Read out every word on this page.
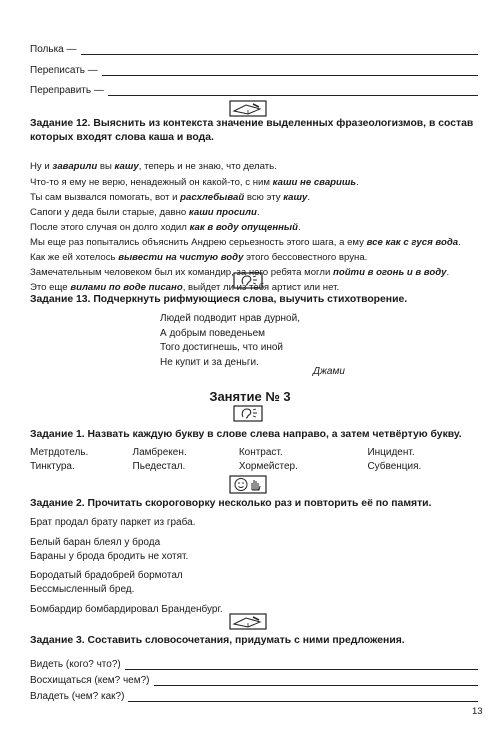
Полька —
Переписать —
Переправить —
Задание 12. Выяснить из контекста значение выделенных фразеологизмов, в состав которых входят слова каша и вода.
Ну и заварили вы кашу, теперь и не знаю, что делать.
Что-то я ему не верю, ненадежный он какой-то, с ним каши не сваришь.
Ты сам вызвался помогать, вот и расхлебывай всю эту кашу.
Сапоги у деда были старые, давно каши просили.
После этого случая он долго ходил как в воду опущенный.
Мы еще раз попытались объяснить Андрею серьезность этого шага, а ему все как с гуся вода.
Как же ей хотелось вывести на чистую воду этого бессовестного вруна.
Замечательным человеком был их командир, за него ребята могли пойти в огонь и в воду.
Это еще вилами по воде писано, выйдет ли из тебя артист или нет.
Задание 13. Подчеркнуть рифмующиеся слова, выучить стихотворение.
Людей подводит нрав дурной,
А добрым поведеньем
Того достигнешь, что иной
Не купит и за деньги.
Джами
Занятие № 3
Задание 1. Назвать каждую букву в слове слева направо, а затем четвёртую букву.
Метрдотель.	Ламбрекен.	Контраст.	Инцидент.
Тинктура.	Пьедестал.	Хормейстер.	Субвенция.
Задание 2. Прочитать скороговорку несколько раз и повторить её по памяти.
Брат продал брату паркет из граба.
Белый баран блеял у брода
Бараны у брода бродить не хотят.
Бородатый брадобрей бормотал
Бессмысленный бред.
Бомбардир бомбардировал Бранденбург.
Задание 3. Составить словосочетания, придумать с ними предложения.
Видеть (кого? что?)
Восхищаться (кем? чем?)
Владеть (чем? как?)
13
